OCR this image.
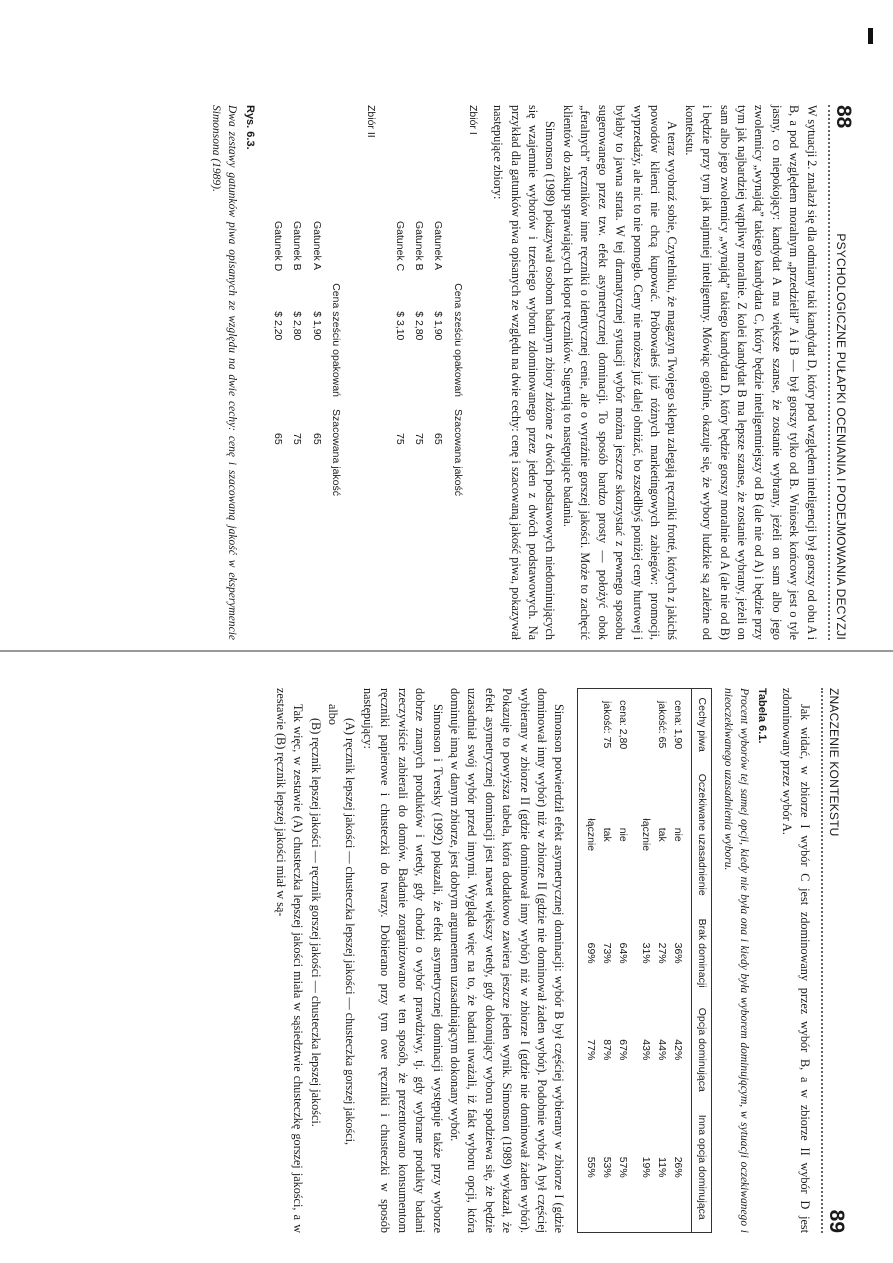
88
PSYCHOLOGICZNE PUŁAPKI OCENIANIA I PODEJMOWANIA DECYZJI

W sytuacji 2. znalazł się dla odmiany taki kandydat D, który pod względem inteligencji był gorszy od obu A i B, a pod względem moralnym „przedzielił” A i B — był gorszy tylko od B. Wniosek końcowy jest o tyle jasny, co niepokojący: kandydat A ma większe szanse, że zostanie wybrany, jeżeli on sam albo jego zwolennicy „wynajdą” takiego kandydata C, który będzie inteligentniejszy od B (ale nie od A) i będzie przy tym jak najbardziej wątpliwy moralnie. Z kolei kandydat B ma lepsze szanse, że zostanie wybrany, jeżeli on sam albo jego zwolennicy „wynajdą” takiego kandydata D, który będzie gorszy moralnie od A (ale nie od B) i będzie przy tym jak najmniej inteligentny. Mówiąc ogólnie, okazuje się, że wybory ludzkie są zależne od kontekstu.

A teraz wyobraź sobie, Czytelniku, że magazyn Twojego sklepu zalegają ręczniki frotté, których z jakichś powodów klienci nie chcą kupować. Próbowałeś już różnych marketingowych zabiegów: promocji, wyprzedaży, ale nic to nie pomogło. Ceny nie możesz już dalej obniżać, bo zszedłbyś poniżej ceny hurtowej i byłaby to jawna strata. W tej dramatycznej sytuacji wybór można jeszcze skorzystać z pewnego sposobu sugerowanego przez tzw. efekt asymetrycznej dominacji. To sposób bardzo prosty — położyć obok „feralnych” ręczników inne ręczniki o identycznej cenie, ale o wyraźnie gorszej jakości. Może to zachęcić klientów do zakupu sprawiających kłopot ręczników. Sugerują to następujące badania.

Simonson (1989) pokazywał osobom badanym zbiory złożone z dwóch podstawowych niedominujących się wzajemnie wyborów i trzeciego wyboru zdominowanego przez jeden z dwóch podstawowych. Na przykład dla gatunków piwa opisanych ze względu na dwie cechy: cenę i szacowaną jakość piwa, pokazywał następujące zbiory:

Zbiór I
	Cena sześciu opakowań	Szacowana jakość
Gatunek A	$ 1,90	65
Gatunek B	$ 2,80	75
Gatunek C	$ 3,10	75
Zbiór II
	Cena sześciu opakowań	Szacowana jakość
Gatunek A	$ 1,90	65
Gatunek B	$ 2,80	75
Gatunek D	$ 2,20	65
Rys. 6.3.

Dwa zestawy gatunków piwa opisanych ze względu na dwie cechy: cenę i szacowaną jakość w eksperymencie Simonsona (1989).

ZNACZENIE KONTEKSTU
89

Jak widać, w zbiorze I wybór C jest zdominowany przez wybór B, a w zbiorze II wybór D jest zdominowany przez wybór A.

Tabela 6.1.

Procent wyborów tej samej opcji, kiedy nie była ona i kiedy była wyborem dominującym, w sytuacji oczekiwanego i nieoczekiwanego uzasadnienia wyboru.

Cechy piwa	Oczekiwane uzasadnienie	Brak dominacji	Opcja dominująca	Inna opcja dominująca
cena: 1,90	nie	36%	42%	26%
jakość: 65	tak	27%	44%	11%
	łącznie	31%	43%	19%
cena: 2,80	nie	64%	67%	57%
jakość: 75	tak	73%	87%	53%
	łącznie	69%	77%	55%

Simonson potwierdził efekt asymetrycznej dominacji: wybór B był częściej wybierany w zbiorze I (gdzie dominował inny wybór) niż w zbiorze II (gdzie nie dominował żaden wybór). Podobnie wybór A był częściej wybierany w zbiorze II (gdzie dominował inny wybór) niż w zbiorze I (gdzie nie dominował żaden wybór). Pokazuje to powyższa tabela, która dodatkowo zawiera jeszcze jeden wynik. Simonson (1989) wykazał, że efekt asymetrycznej dominacji jest nawet większy wtedy, gdy dokonujący wyboru spodziewa się, że będzie uzasadniał swój wybór przed innymi. Wygląda więc na to, że badani uważali, iż fakt wyboru opcji, która dominuje inną w danym zbiorze, jest dobrym argumentem uzasadniającym dokonany wybór.

Simonson i Tversky (1992) pokazali, że efekt asymetrycznej dominacji występuje także przy wyborze dobrze znanych produktów i wtedy, gdy chodzi o wybór prawdziwy, tj. gdy wybrane produkty badani rzeczywiście zabierali do domów. Badanie zorganizowano w ten sposób, że prezentowano konsumentom ręczniki papierowe i chusteczki do twarzy. Dobierano przy tym owe ręczniki i chusteczki w sposób następujący:

(A) ręcznik lepszej jakości — chusteczka lepszej jakości — chusteczka gorszej jakości,
albo
(B) ręcznik lepszej jakości — ręcznik gorszej jakości — chusteczka lepszej jakości.

Tak więc, w zestawie (A) chusteczka lepszej jakości miała w sąsiedztwie chusteczkę gorszej jakości, a w zestawie (B) ręcznik lepszej jakości miał w są-
